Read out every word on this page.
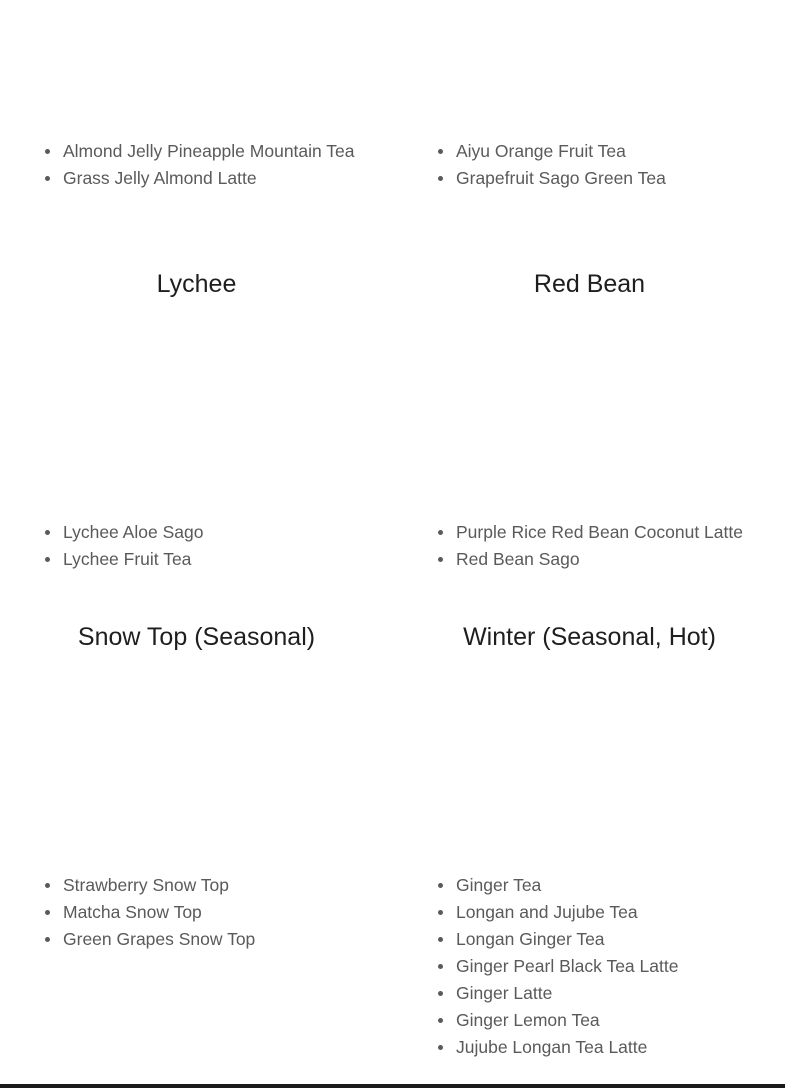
Almond Jelly Pineapple Mountain Tea
Grass Jelly Almond Latte
Aiyu Orange Fruit Tea
Grapefruit Sago Green Tea
Lychee
Lychee Aloe Sago
Lychee Fruit Tea
Red Bean
Purple Rice Red Bean Coconut Latte
Red Bean Sago
Snow Top (Seasonal)
Strawberry Snow Top
Matcha Snow Top
Green Grapes Snow Top
Winter (Seasonal, Hot)
Ginger Tea
Longan and Jujube Tea
Longan Ginger Tea
Ginger Pearl Black Tea Latte
Ginger Latte
Ginger Lemon Tea
Jujube Longan Tea Latte
